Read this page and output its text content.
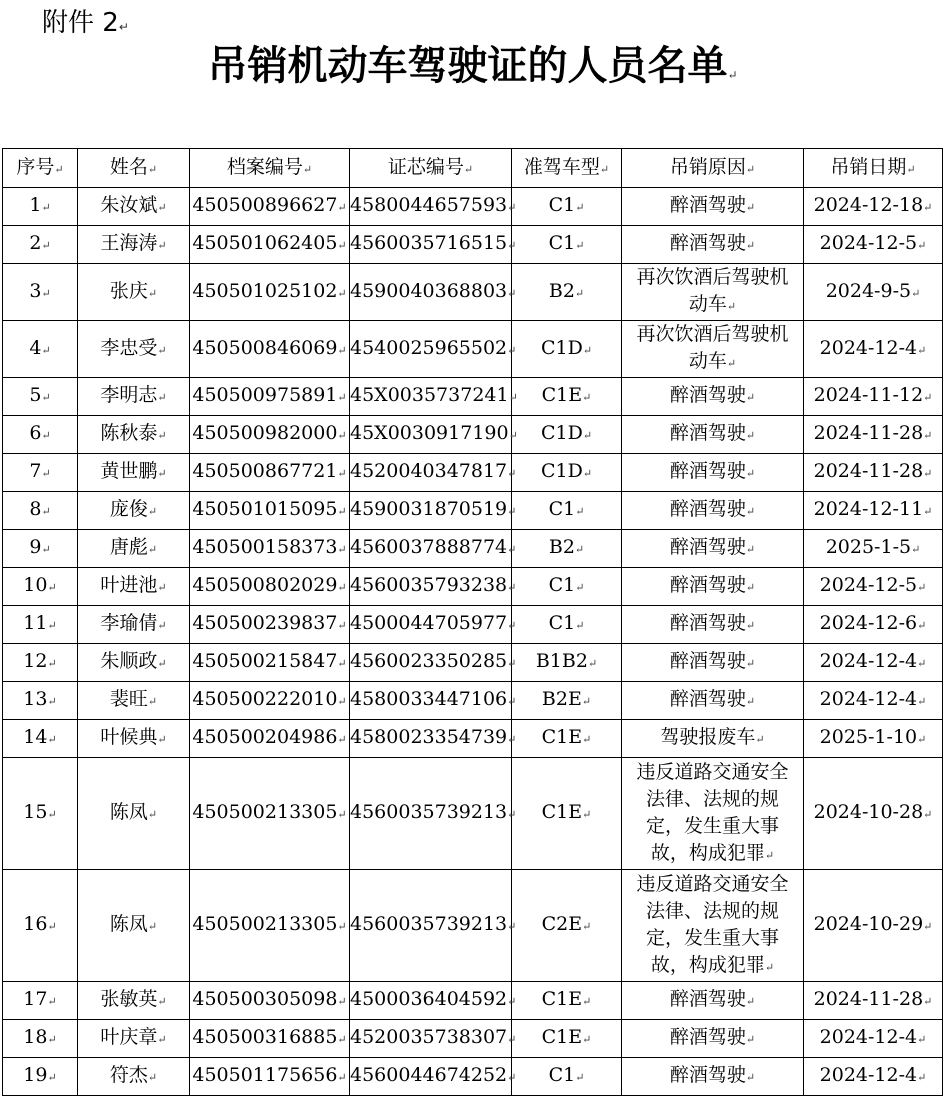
附件 2↵
吊销机动车驾驶证的人员名单↵
序号↵	姓名↵	档案编号↵	证芯编号↵	准驾车型↵	吊销原因↵	吊销日期↵
1↵	朱汝斌↵	450500896627↵	4580044657593↵	C1↵	醉酒驾驶↵	2024-12-18↵
2↵	王海涛↵	450501062405↵	4560035716515↵	C1↵	醉酒驾驶↵	2024-12-5↵
3↵	张庆↵	450501025102↵	4590040368803↵	B2↵	再次饮酒后驾驶机动车↵	2024-9-5↵
4↵	李忠受↵	450500846069↵	4540025965502↵	C1D↵	再次饮酒后驾驶机动车↵	2024-12-4↵
5↵	李明志↵	450500975891↵	45X0035737241↵	C1E↵	醉酒驾驶↵	2024-11-12↵
6↵	陈秋泰↵	450500982000↵	45X0030917190↵	C1D↵	醉酒驾驶↵	2024-11-28↵
7↵	黄世鹏↵	450500867721↵	4520040347817↵	C1D↵	醉酒驾驶↵	2024-11-28↵
8↵	庞俊↵	450501015095↵	4590031870519↵	C1↵	醉酒驾驶↵	2024-12-11↵
9↵	唐彪↵	450500158373↵	4560037888774↵	B2↵	醉酒驾驶↵	2025-1-5↵
10↵	叶进池↵	450500802029↵	4560035793238↵	C1↵	醉酒驾驶↵	2024-12-5↵
11↵	李瑜倩↵	450500239837↵	4500044705977↵	C1↵	醉酒驾驶↵	2024-12-6↵
12↵	朱顺政↵	450500215847↵	4560023350285↵	B1B2↵	醉酒驾驶↵	2024-12-4↵
13↵	裴旺↵	450500222010↵	4580033447106↵	B2E↵	醉酒驾驶↵	2024-12-4↵
14↵	叶候典↵	450500204986↵	4580023354739↵	C1E↵	驾驶报废车↵	2025-1-10↵
15↵	陈凤↵	450500213305↵	4560035739213↵	C1E↵	违反道路交通安全法律、法规的规定，发生重大事故，构成犯罪↵	2024-10-28↵
16↵	陈凤↵	450500213305↵	4560035739213↵	C2E↵	违反道路交通安全法律、法规的规定，发生重大事故，构成犯罪↵	2024-10-29↵
17↵	张敏英↵	450500305098↵	4500036404592↵	C1E↵	醉酒驾驶↵	2024-11-28↵
18↵	叶庆章↵	450500316885↵	4520035738307↵	C1E↵	醉酒驾驶↵	2024-12-4↵
19↵	符杰↵	450501175656↵	4560044674252↵	C1↵	醉酒驾驶↵	2024-12-4↵
